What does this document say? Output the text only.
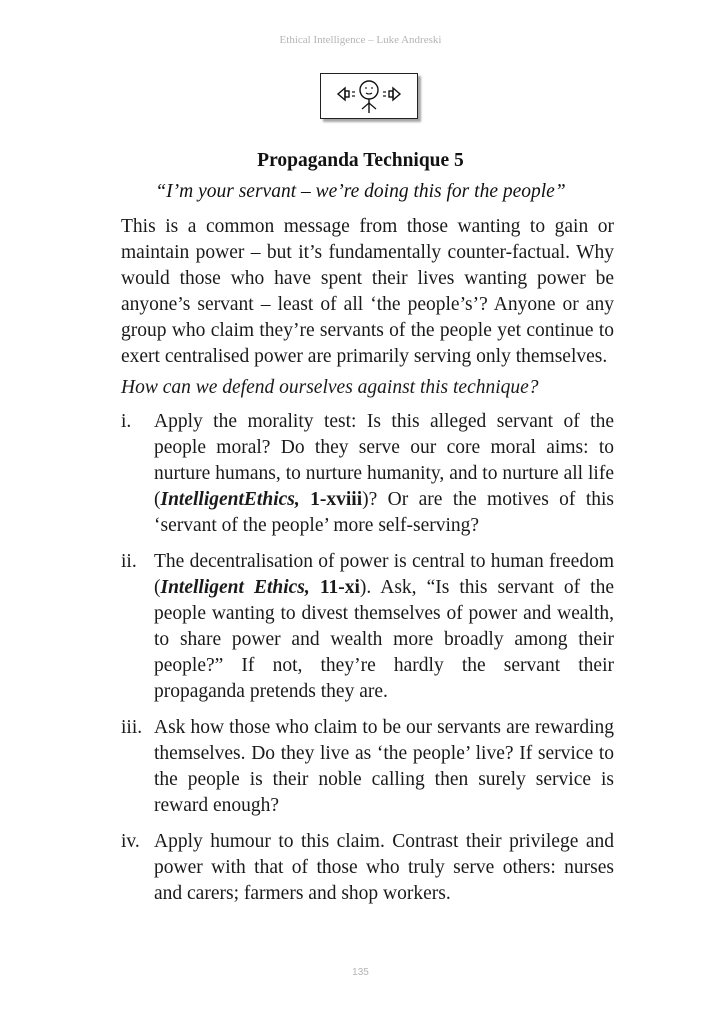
Ethical Intelligence – Luke Andreski
Propaganda Technique 5
“I’m your servant – we’re doing this for the people”

This is a common message from those wanting to gain or maintain power – but it’s fundamentally counter-factual. Why would those who have spent their lives wanting power be anyone’s servant – least of all ‘the people’s’? Anyone or any group who claim they’re servants of the people yet continue to exert centralised power are primarily serving only themselves.

How can we defend ourselves against this technique?

i. Apply the morality test: Is this alleged servant of the people moral? Do they serve our core moral aims: to nurture humans, to nurture humanity, and to nurture all life (IntelligentEthics, 1-xviii)? Or are the motives of this ‘servant of the people’ more self-serving?

ii. The decentralisation of power is central to human freedom (Intelligent Ethics, 11-xi). Ask, “Is this servant of the people wanting to divest themselves of power and wealth, to share power and wealth more broadly among their people?” If not, they’re hardly the servant their propaganda pretends they are.

iii. Ask how those who claim to be our servants are rewarding themselves. Do they live as ‘the people’ live? If service to the people is their noble calling then surely service is reward enough?

iv. Apply humour to this claim. Contrast their privilege and power with that of those who truly serve others: nurses and carers; farmers and shop workers.

135
